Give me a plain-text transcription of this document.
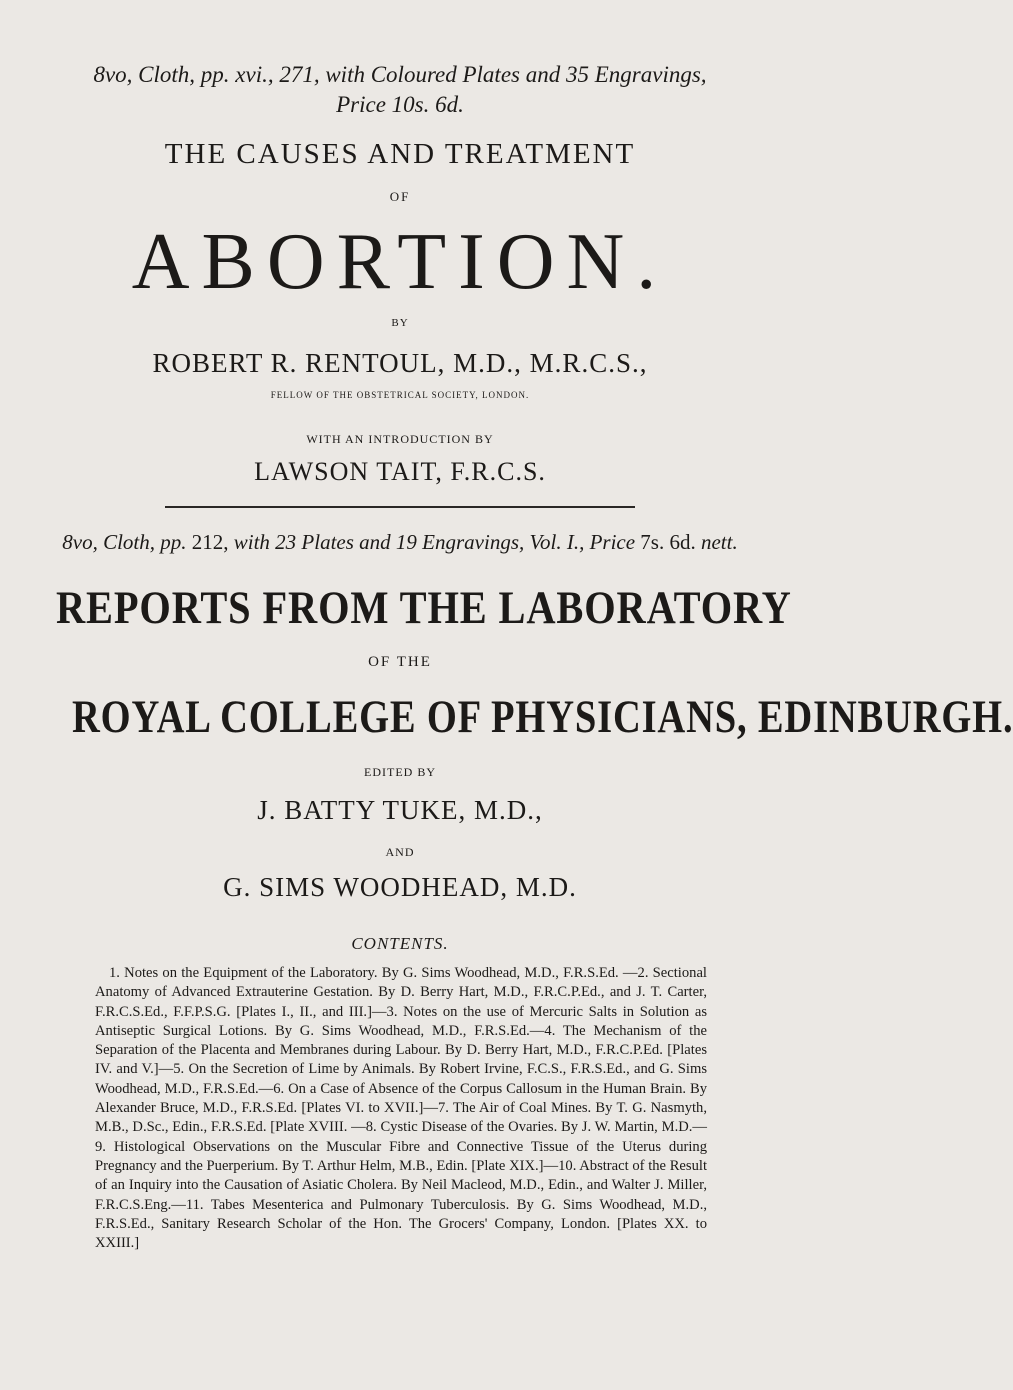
8vo, Cloth, pp. xvi., 271, with Coloured Plates and 35 Engravings,
Price 10s. 6d.
THE CAUSES AND TREATMENT
OF
ABORTION.
BY
ROBERT R. RENTOUL, M.D., M.R.C.S.,
FELLOW OF THE OBSTETRICAL SOCIETY, LONDON.
WITH AN INTRODUCTION BY
LAWSON TAIT, F.R.C.S.
8vo, Cloth, pp. 212, with 23 Plates and 19 Engravings, Vol. I., Price 7s. 6d. nett.
REPORTS FROM THE LABORATORY
OF THE
ROYAL COLLEGE OF PHYSICIANS, EDINBURGH.
EDITED BY
J. BATTY TUKE, M.D.,
AND
G. SIMS WOODHEAD, M.D.
CONTENTS.
1. Notes on the Equipment of the Laboratory. By G. Sims Woodhead, M.D., F.R.S.Ed. —2. Sectional Anatomy of Advanced Extrauterine Gestation. By D. Berry Hart, M.D., F.R.C.P.Ed., and J. T. Carter, F.R.C.S.Ed., F.F.P.S.G. [Plates I., II., and III.]—3. Notes on the use of Mercuric Salts in Solution as Antiseptic Surgical Lotions. By G. Sims Woodhead, M.D., F.R.S.Ed.—4. The Mechanism of the Separation of the Placenta and Membranes during Labour. By D. Berry Hart, M.D., F.R.C.P.Ed. [Plates IV. and V.]—5. On the Secretion of Lime by Animals. By Robert Irvine, F.C.S., F.R.S.Ed., and G. Sims Woodhead, M.D., F.R.S.Ed.—6. On a Case of Absence of the Corpus Callosum in the Human Brain. By Alexander Bruce, M.D., F.R.S.Ed. [Plates VI. to XVII.]—7. The Air of Coal Mines. By T. G. Nasmyth, M.B., D.Sc., Edin., F.R.S.Ed. [Plate XVIII. —8. Cystic Disease of the Ovaries. By J. W. Martin, M.D.—9. Histological Observations on the Muscular Fibre and Connective Tissue of the Uterus during Pregnancy and the Puerperium. By T. Arthur Helm, M.B., Edin. [Plate XIX.]—10. Abstract of the Result of an Inquiry into the Causation of Asiatic Cholera. By Neil Macleod, M.D., Edin., and Walter J. Miller, F.R.C.S.Eng.—11. Tabes Mesenterica and Pulmonary Tuberculosis. By G. Sims Woodhead, M.D., F.R.S.Ed., Sanitary Research Scholar of the Hon. The Grocers' Company, London. [Plates XX. to XXIII.]
